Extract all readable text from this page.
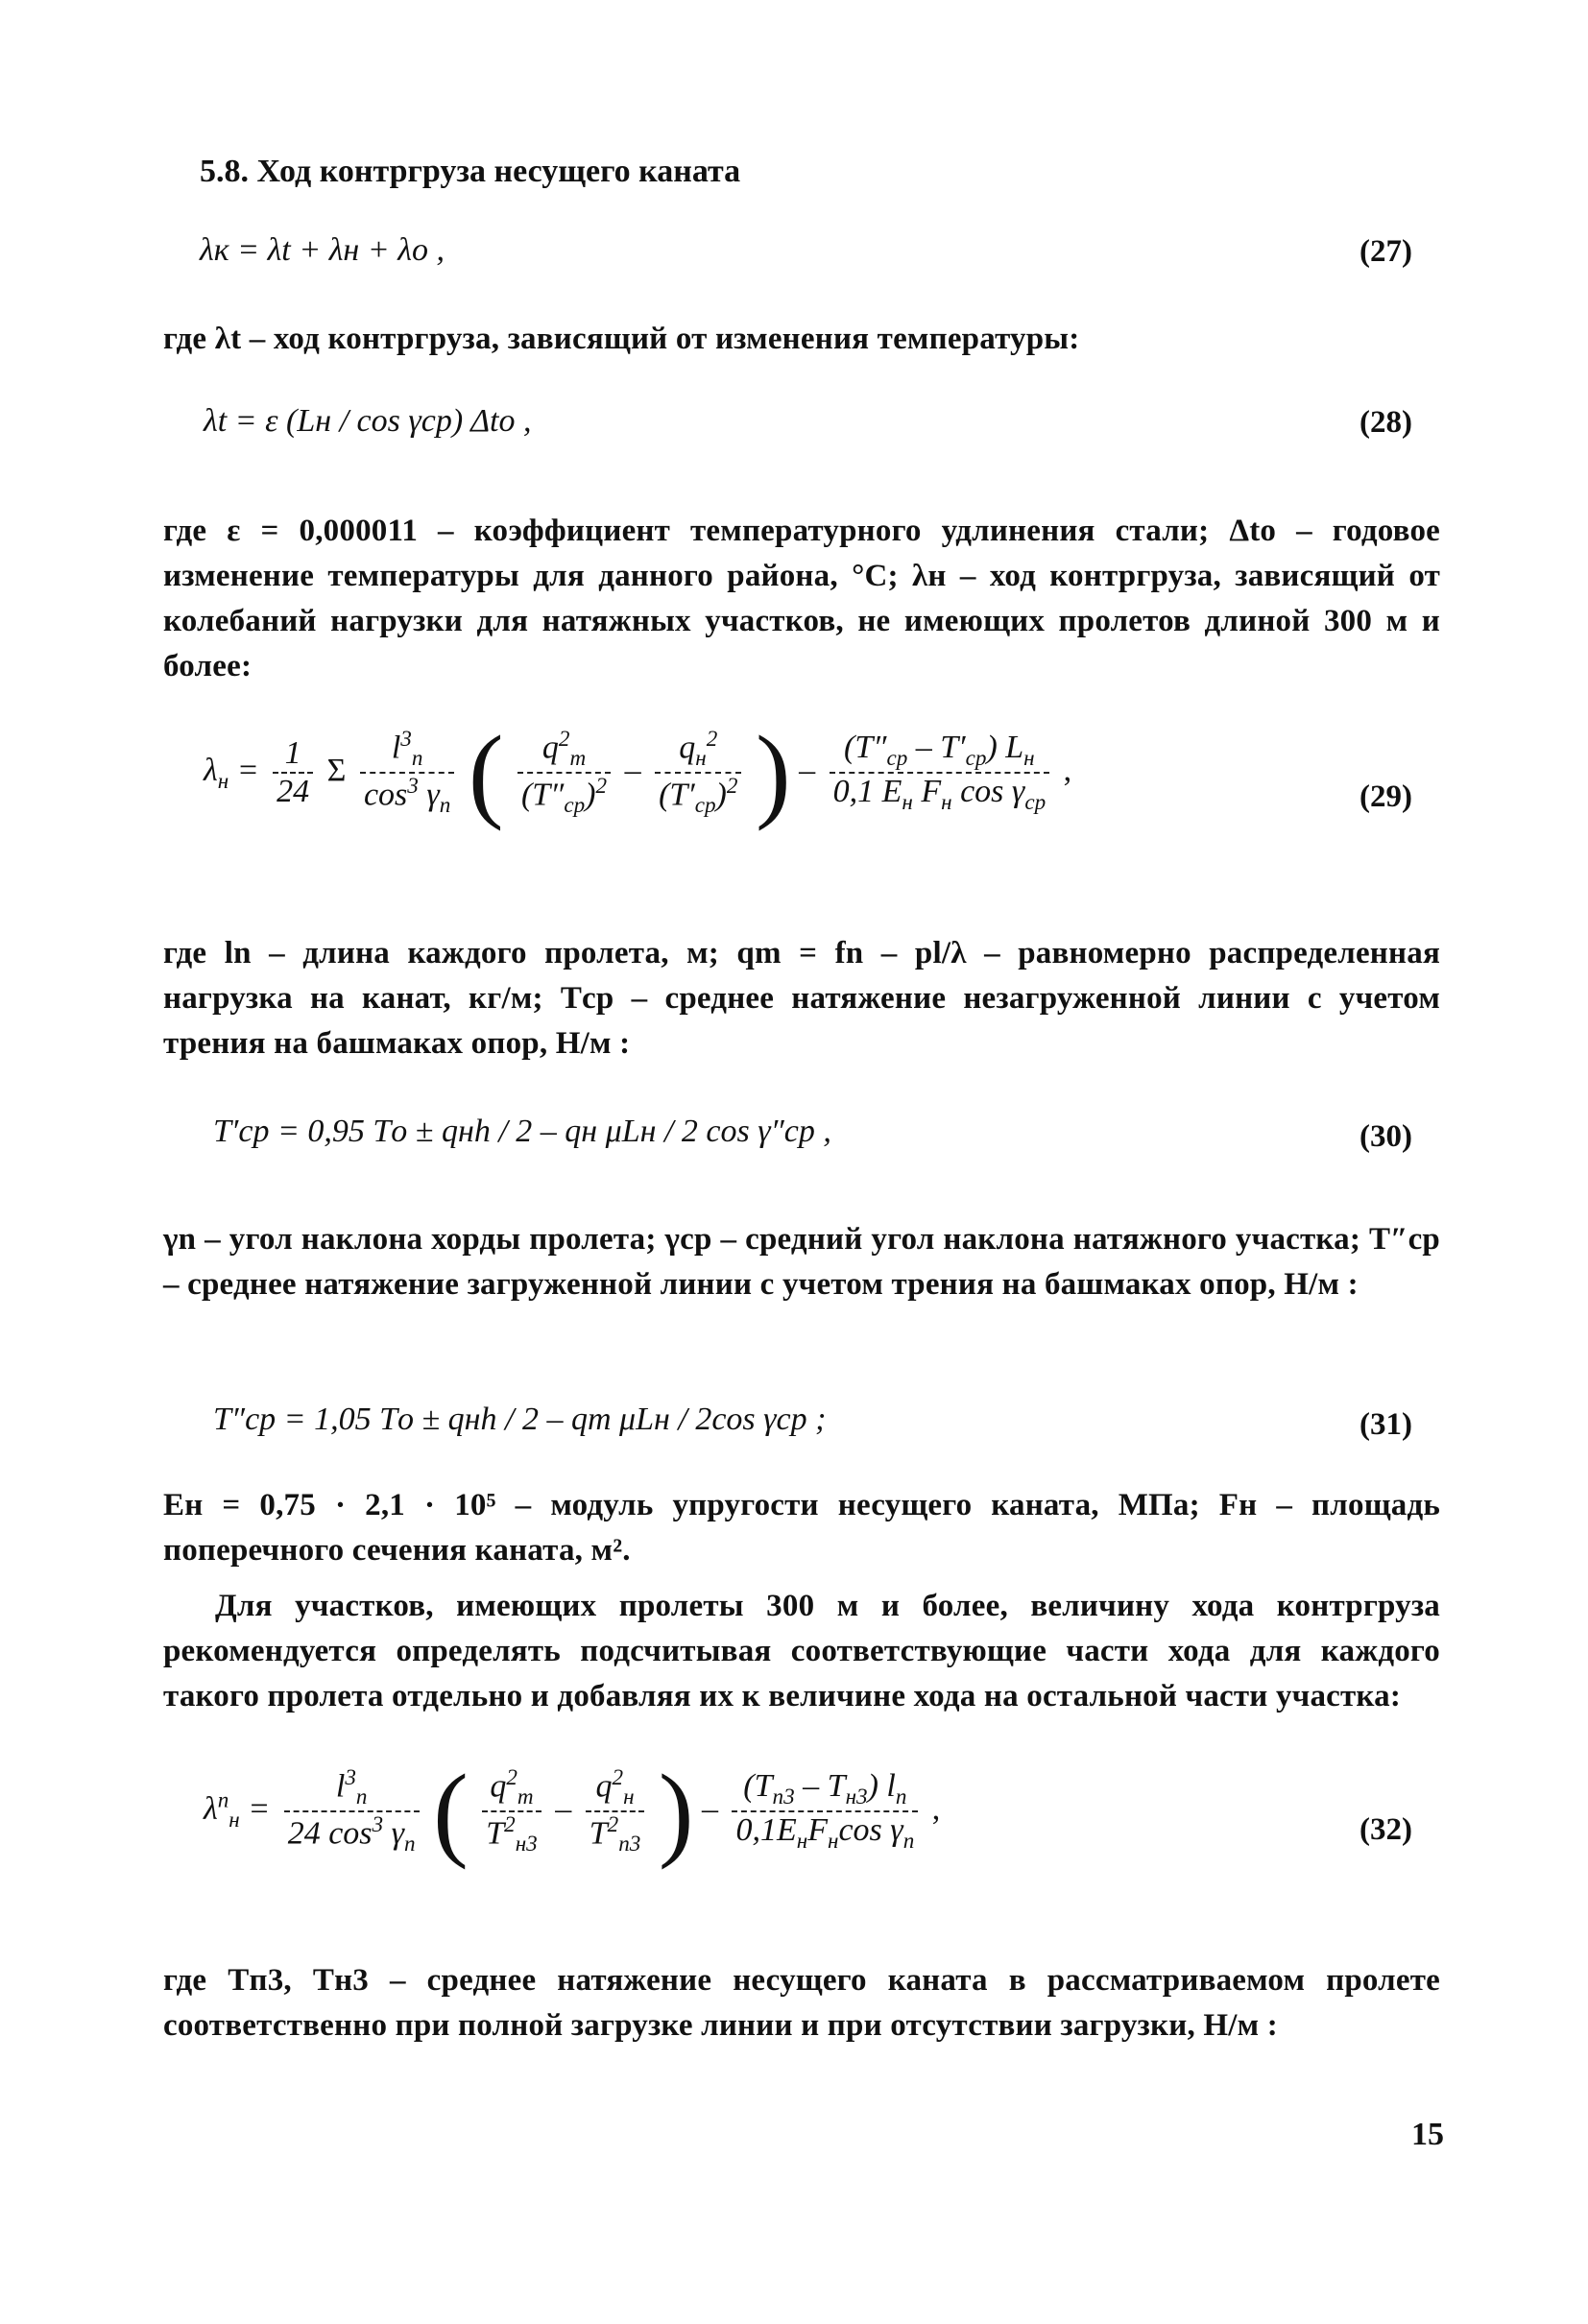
5.8. Ход контргруза несущего каната
λк = λt + λн + λо ,	(27)
где λt – ход контргруза, зависящий от изменения температуры:
λt = ε (Lн / cos γср) Δtо ,	(28)
где ε = 0,000011 – коэффициент температурного удлинения стали; Δtо – годовое изменение температуры для данного района, °С; λн – ход контргруза, зависящий от колебаний нагрузки для натяжных участков, не имеющих пролетов длиной 300 м и более:
$\lambda_н = \frac{1}{24}$ Σ $\frac{l^3_n}{\cos^3 \gamma_n}$ ( $\frac{q^2_m}{(T''_{ср})^2} - \frac{q_н^2}{(T'_{ср})^2}$ ) – $\frac{(T''_{ср} - T'_{ср}) L_н}{0,1 E_н F_н \cos \gamma_{ср}}$ ,
(29)
где ln – длина каждого пролета, м; qm = fn – pl/λ – равномерно распределенная нагрузка на канат, кг/м; Tср – среднее натяжение незагруженной линии с учетом трения на башмаках опор, Н/м :
T′ср = 0,95 Tо ± qнh / 2 – qн μLн / 2 cos γ″ср ,	(30)
γn – угол наклона хорды пролета; γср – средний угол наклона натяжного участка; T″ср – среднее натяжение загруженной линии с учетом трения на башмаках опор, Н/м :
T″ср = 1,05 Tо ± qнh / 2 – qm μLн / 2cos γср ;	(31)
Eн = 0,75 · 2,1 · 10⁵ – модуль упругости несущего каната, МПа; Fн – площадь поперечного сечения каната, м².
Для участков, имеющих пролеты 300 м и более, величину хода контргруза рекомендуется определять подсчитывая соответствующие части хода для каждого такого пролета отдельно и добавляя их к величине хода на остальной части участка:
$\lambda^n_н = \frac{l^3_n}{24 \cos^3 \gamma_n}$ ( $\frac{q^2_m}{T^2_{н3}} - \frac{q^2_н}{T^2_{п3}}$ ) – $\frac{(T_{п3} - T_{н3}) l_n}{0,1E_нF_н\cos \gamma_n}$ ,
(32)
где Tп3, Tн3 – среднее натяжение несущего каната в рассматриваемом пролете соответственно при полной загрузке линии и при отсутствии загрузки, Н/м :
15
